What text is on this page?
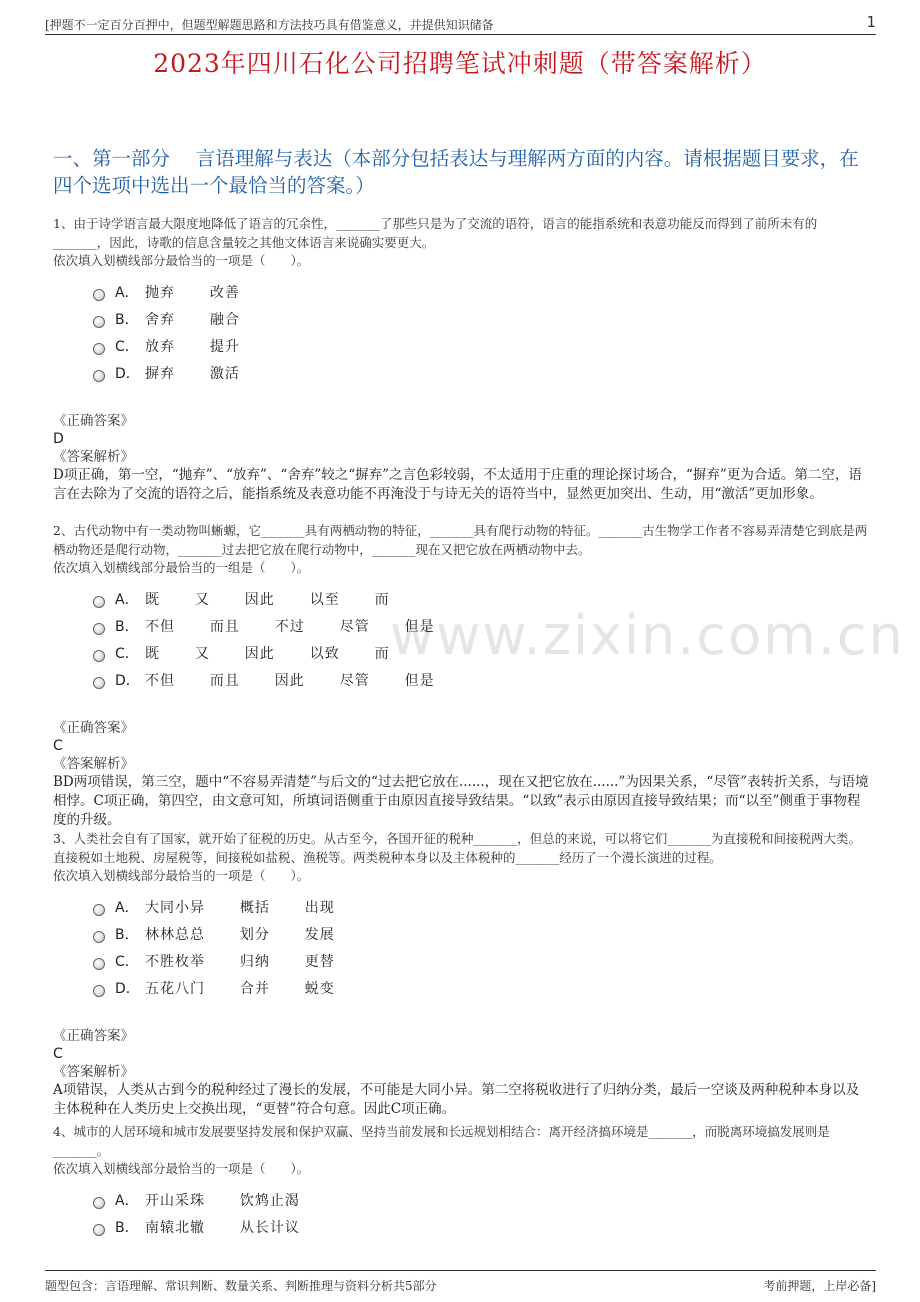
[押题不一定百分百押中，但题型解题思路和方法技巧具有借鉴意义，并提供知识储备	1
2023年四川石化公司招聘笔试冲刺题（带答案解析）
一、第一部分　 言语理解与表达（本部分包括表达与理解两方面的内容。请根据题目要求，在四个选项中选出一个最恰当的答案。）
www.zixin.com.cn
1、由于诗学语言最大限度地降低了语言的冗余性，_______了那些只是为了交流的语符，语言的能指系统和表意功能反而得到了前所未有的_______，因此，诗歌的信息含量较之其他文体语言来说确实要更大。
依次填入划横线部分最恰当的一项是（　　）。
A． 抛弃  改善
B． 舍弃  融合
C． 放弃  提升
D． 摒弃  激活
《正确答案》
D
《答案解析》
D项正确，第一空，“抛弃”、“放弃”、“舍弃”较之“摒弃”之言色彩较弱，不太适用于庄重的理论探讨场合，“摒弃”更为合适。第二空，语言在去除为了交流的语符之后，能指系统及表意功能不再淹没于与诗无关的语符当中，显然更加突出、生动，用“激活”更加形象。
2、古代动物中有一类动物叫蜥螈，它_______具有两栖动物的特征，_______具有爬行动物的特征。_______古生物学工作者不容易弄清楚它到底是两栖动物还是爬行动物，_______过去把它放在爬行动物中，_______现在又把它放在两栖动物中去。
依次填入划横线部分最恰当的一组是（　　）。
A． 既  又  因此  以至  而
B． 不但  而且  不过  尽管  但是
C． 既  又  因此  以致  而
D． 不但  而且  因此  尽管  但是
《正确答案》
C
《答案解析》
BD两项错误，第三空，题中“不容易弄清楚”与后文的“过去把它放在......，现在又把它放在......”为因果关系，“尽管”表转折关系，与语境相悖。C项正确，第四空，由文意可知，所填词语侧重于由原因直接导致结果。“以致”表示由原因直接导致结果；而“以至”侧重于事物程度的升级。
3、人类社会自有了国家，就开始了征税的历史。从古至今，各国开征的税种_______，但总的来说，可以将它们_______为直接税和间接税两大类。直接税如土地税、房屋税等，间接税如盐税、渔税等。两类税种本身以及主体税种的_______经历了一个漫长演进的过程。
依次填入划横线部分最恰当的一项是（　　）。
A． 大同小异  概括  出现
B． 林林总总  划分  发展
C． 不胜枚举  归纳  更替
D． 五花八门  合并  蜕变
《正确答案》
C
《答案解析》
A项错误，人类从古到今的税种经过了漫长的发展，不可能是大同小异。第二空将税收进行了归纳分类，最后一空谈及两种税种本身以及主体税种在人类历史上交换出现，“更替”符合句意。因此C项正确。
4、城市的人居环境和城市发展要坚持发展和保护双赢、坚持当前发展和长远规划相结合：离开经济搞环境是_______，而脱离环境搞发展则是_______。
依次填入划横线部分最恰当的一项是（　　）。
A． 开山采珠  饮鸩止渴
B． 南辕北辙  从长计议
题型包含：言语理解、常识判断、数量关系、判断推理与资料分析共5部分	考前押题，上岸必备]
